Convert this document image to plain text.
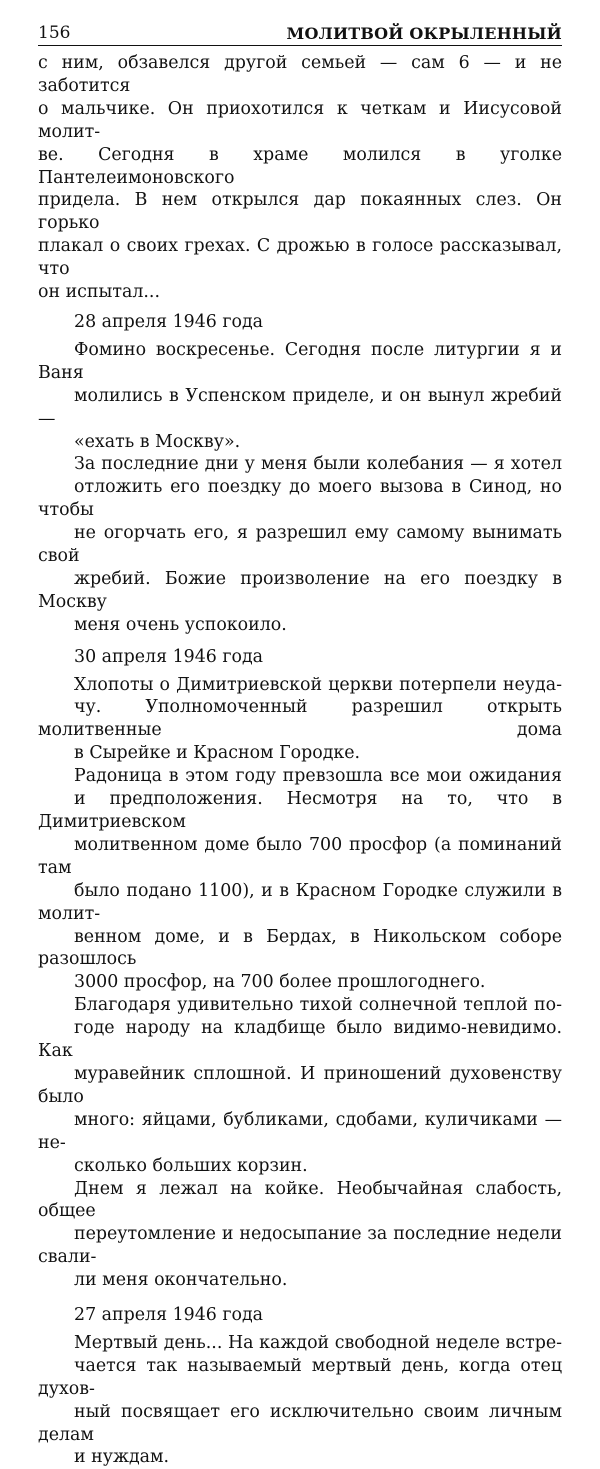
156	МОЛИТВОЙ ОКРЫЛЕННЫЙ

с ним, обзавелся другой семьей — сам 6 — и не заботится
о мальчике. Он приохотился к четкам и Иисусовой молит-
ве. Сегодня в храме молился в уголке Пантелеимоновского
придела. В нем открылся дар покаянных слез. Он горько
плакал о своих грехах. С дрожью в голосе рассказывал, что
он испытал...

28 апреля 1946 года

Фомино воскресенье. Сегодня после литургии я и Ваня
молились в Успенском приделе, и он вынул жребий —
«ехать в Москву».

За последние дни у меня были колебания — я хотел
отложить его поездку до моего вызова в Синод, но чтобы
не огорчать его, я разрешил ему самому вынимать свой
жребий. Божие произволение на его поездку в Москву
меня очень успокоило.

30 апреля 1946 года

Хлопоты о Димитриевской церкви потерпели неуда-
чу. Уполномоченный разрешил открыть молитвенные дома
в Сырейке и Красном Городке.

Радоница в этом году превзошла все мои ожидания
и предположения. Несмотря на то, что в Димитриевском
молитвенном доме было 700 просфор (а поминаний там
было подано 1100), и в Красном Городке служили в молит-
венном доме, и в Бердах, в Никольском соборе разошлось
3000 просфор, на 700 более прошлогоднего.

Благодаря удивительно тихой солнечной теплой по-
годе народу на кладбище было видимо-невидимо. Как
муравейник сплошной. И приношений духовенству было
много: яйцами, бубликами, сдобами, куличиками — не-
сколько больших корзин.

Днем я лежал на койке. Необычайная слабость, общее
переутомление и недосыпание за последние недели свали-
ли меня окончательно.

27 апреля 1946 года

Мертвый день... На каждой свободной неделе встре-
чается так называемый мертвый день, когда отец духов-
ный посвящает его исключительно своим личным делам
и нуждам.
